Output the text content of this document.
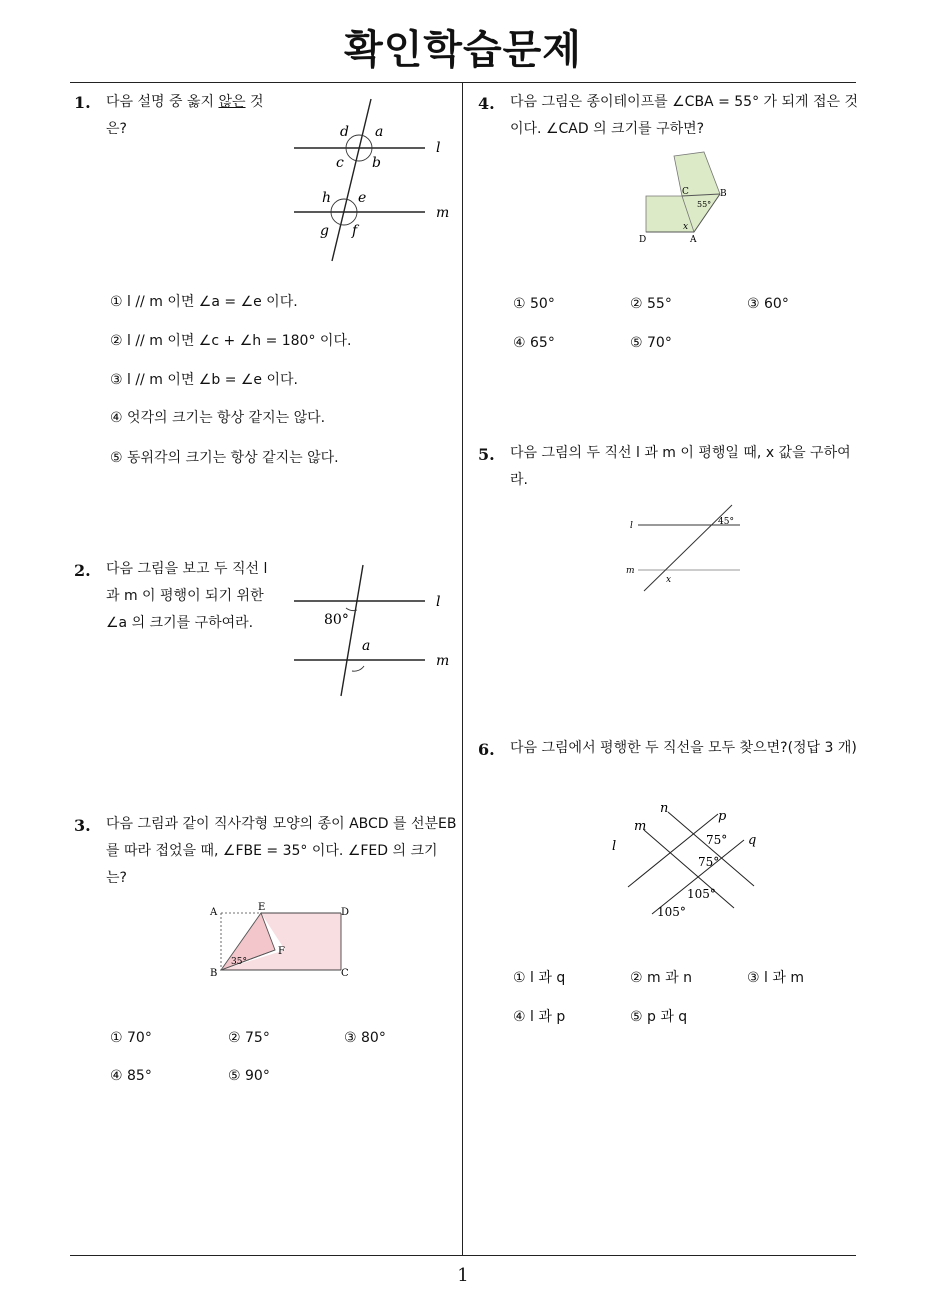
확인학습문제
1
1. 다음 설명 중 옳지 않은 것은?	d a
c b
h e
g f
l
m
① l // m 이면 ∠a = ∠e 이다.
② l // m 이면 ∠c + ∠h = 180° 이다.
③ l // m 이면 ∠b = ∠e 이다.
④ 엇각의 크기는 항상 같지는 않다.
⑤ 동위각의 크기는 항상 같지는 않다.
2. 다음 그림을 보고 두 직선 l 과 m 이 평행이 되기 위한 ∠a 의 크기를 구하여라.	80°
a
l
m
3. 다음 그림과 같이 직사각형 모양의 종이 ABCD 를 선분EB 를 따라 접었을 때, ∠FBE = 35° 이다. ∠FED 의 크기는?
A	E	D
F
B	C
35°
① 70°	② 75°	③ 80°
④ 85°	⑤ 90°
4. 다음 그림은 종이테이프를 ∠CBA = 55° 가 되게 접은 것이다. ∠CAD 의 크기를 구하면?
C	B
D	A
x
55°
① 50°	② 55°	③ 60°
④ 65°	⑤ 70°
5. 다음 그림의 두 직선 l 과 m 이 평행일 때, x 값을 구하여라.
l
m
45°
x
6. 다음 그림에서 평행한 두 직선을 모두 찾으면?(정답 3 개)
n
p
m
q
l	75°
75°
105°
105°
① l 과 q	② m 과 n	③ l 과 m
④ l 과 p	⑤ p 과 q
